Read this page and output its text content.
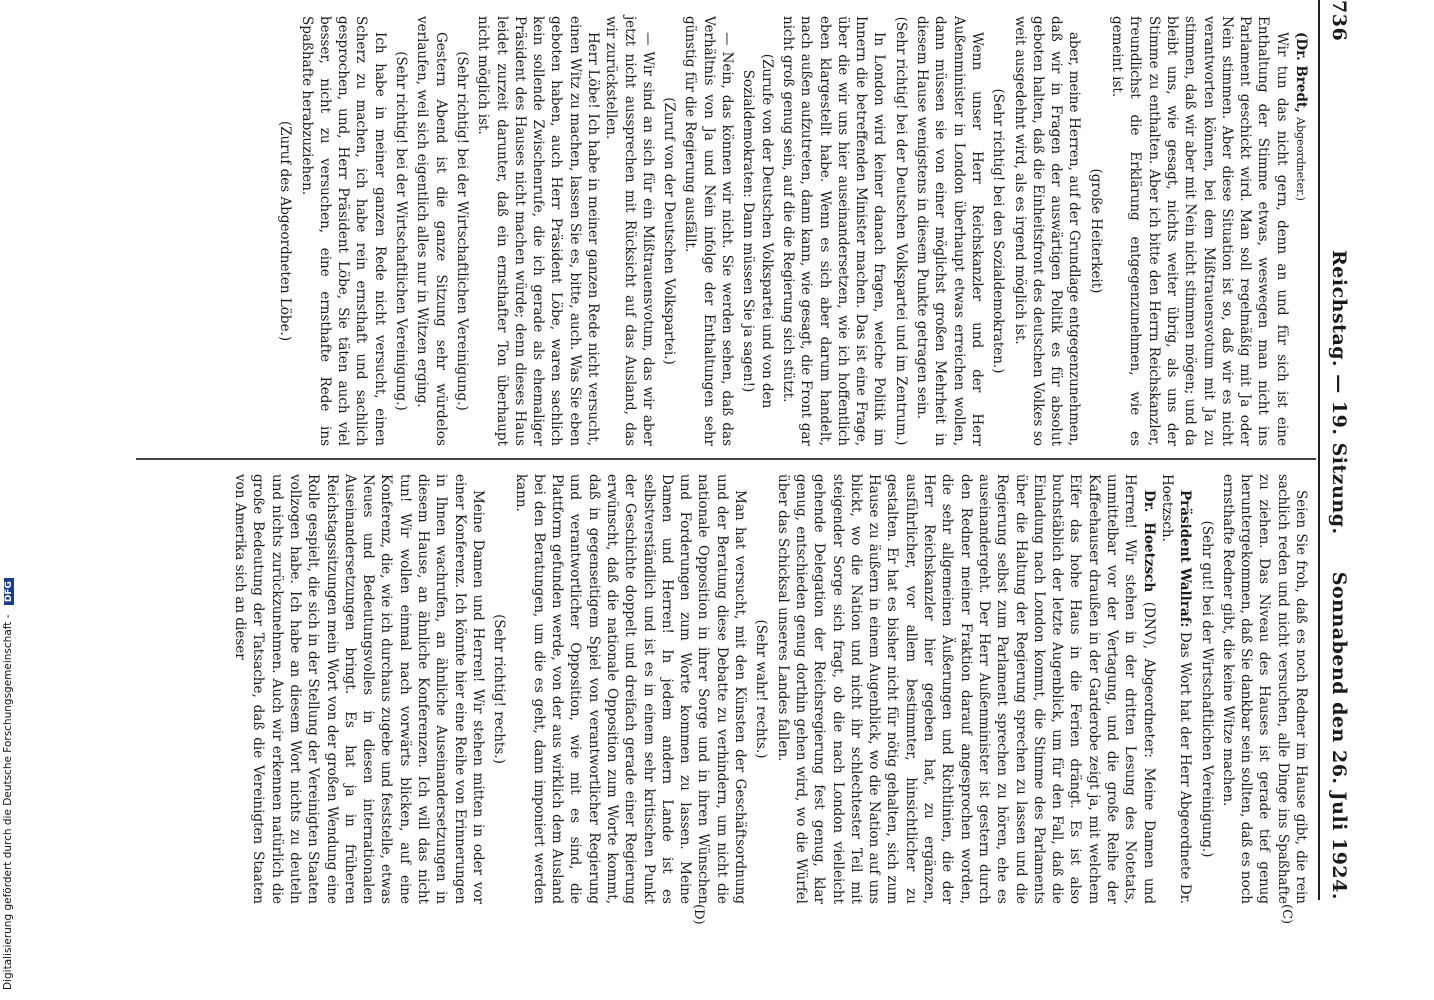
736
Reichstag. — 19. Sitzung.
Sonnabend den 26. Juli 1924.
(C)
(D)

(Dr. Bredt, Abgeordneter.)

Wir tun das nicht gern, denn an und für sich ist eine Enthaltung der Stimme etwas, weswegen man nicht ins Parlament geschickt wird. Man soll regelmäßig mit Ja oder Nein stimmen. Aber diese Situation ist so, daß wir es nicht verantworten können, bei dem Mißtrauensvotum mit Ja zu stimmen, daß wir aber mit Nein nicht stimmen mögen; und da bleibt uns, wie gesagt, nichts weiter übrig, als uns der Stimme zu enthalten. Aber ich bitte den Herrn Reichskanzler, freundlichst die Erklärung entgegenzunehmen, wie es gemeint ist.

(große Heiterkeit)

aber, meine Herren, auf der Grundlage entgegenzunehmen, daß wir in Fragen der auswärtigen Politik es für absolut geboten halten, daß die Einheitsfront des deutschen Volkes so weit ausgedehnt wird, als es irgend möglich ist.

(Sehr richtig! bei den Sozialdemokraten.)

Wenn unser Herr Reichskanzler und der Herr Außenminister in London überhaupt etwas erreichen wollen, dann müssen sie von einer möglichst großen Mehrheit in diesem Hause wenigstens in diesem Punkte getragen sein.

(Sehr richtig! bei der Deutschen Volkspartei und im Zentrum.)

In London wird keiner danach fragen, welche Politik im Innern die betreffenden Minister machen. Das ist eine Frage, über die wir uns hier auseinandersetzen, wie ich hoffentlich eben klargestellt habe. Wenn es sich aber darum handelt, nach außen aufzutreten, dann kann, wie gesagt, die Front gar nicht groß genug sein, auf die die Regierung sich stützt.

(Zurufe von der Deutschen Volkspartei und von den Sozialdemokraten: Dann müssen Sie ja sagen!)

— Nein, das können wir nicht. Sie werden sehen, daß das Verhältnis von Ja und Nein infolge der Enthaltungen sehr günstig für die Regierung ausfällt.

(Zuruf von der Deutschen Volkspartei.)

— Wir sind an sich für ein Mißtrauensvotum, das wir aber jetzt nicht aussprechen mit Rücksicht auf das Ausland, das wir zurückstellen.

Herr Löbe! Ich habe in meiner ganzen Rede nicht versucht, einen Witz zu machen, lassen Sie es, bitte, auch. Was Sie eben geboten haben, auch Herr Präsident Löbe, waren sachlich kein sollende Zwischenrufe, die ich gerade als ehemaliger Präsident des Hauses nicht machen würde; denn dieses Haus leidet zurzeit darunter, daß ein ernsthafter Ton überhaupt nicht möglich ist.

(Sehr richtig! bei der Wirtschaftlichen Vereinigung.)

Gestern Abend ist die ganze Sitzung sehr würdelos verlaufen, weil sich eigentlich alles nur in Witzen erging.

(Sehr richtig! bei der Wirtschaftlichen Vereinigung.)

Ich habe in meiner ganzen Rede nicht versucht, einen Scherz zu machen, ich habe rein ernsthaft und sachlich gesprochen, und, Herr Präsident Löbe, Sie täten auch viel besser, nicht zu versuchen, eine ernsthafte Rede ins Spaßhafte herabzuziehen.

(Zuruf des Abgeordneten Löbe.)

Seien Sie froh, daß es noch Redner im Hause gibt, die rein sachlich reden und nicht versuchen, alle Dinge ins Spaßhafte zu ziehen. Das Niveau des Hauses ist gerade tief genug heruntergekommen, daß Sie dankbar sein sollten, daß es noch ernsthafte Redner gibt, die keine Witze machen.

(Sehr gut! bei der Wirtschaftlichen Vereinigung.)

Präsident Wallraf: Das Wort hat der Herr Abgeordnete Dr. Hoetzsch.

Dr. Hoetzsch (DNV), Abgeordneter: Meine Damen und Herren! Wir stehen in der dritten Lesung des Notetats, unmittelbar vor der Vertagung, und die große Reihe der Kaffeehauser draußen in der Garderobe zeigt ja, mit welchem Eifer das hohe Haus in die Ferien drängt. Es ist also buchstäblich der letzte Augenblick, um für den Fall, daß die Einladung nach London kommt, die Stimme des Parlaments über die Haltung der Regierung sprechen zu lassen und die Regierung selbst zum Parlament sprechen zu hören, ehe es auseinandergeht. Der Herr Außenminister ist gestern durch den Redner meiner Fraktion darauf angesprochen worden, die sehr allgemeinen Äußerungen und Richtlinien, die der Herr Reichskanzler hier gegeben hat, zu ergänzen, ausführlicher, vor allem bestimmter, hinsichtlicher zu gestalten. Er hat es bisher nicht für nötig gehalten, sich zum Hause zu äußern in einem Augenblick, wo die Nation auf uns blickt, wo die Nation und nicht ihr schlechtester Teil mit steigender Sorge sich fragt, ob die nach London vielleicht gehende Delegation der Reichsregierung fest genug, klar genug, entschieden genug dorthin gehen wird, wo die Würfel über das Schicksal unseres Landes fallen.

(Sehr wahr! rechts.)

Man hat versucht, mit den Künsten der Geschäftsordnung und der Beratung diese Debatte zu verhindern, um nicht die nationale Opposition in ihrer Sorge und in ihren Wünschen und Forderungen zum Worte kommen zu lassen. Meine Damen und Herren! In jedem andern Lande ist es selbstverständlich und ist es in einem sehr kritischen Punkt der Geschichte doppelt und dreifach gerade einer Regierung erwünscht, daß die nationale Opposition zum Worte kommt, daß in gegenseitigem Spiel von verantwortlicher Regierung und verantwortlicher Opposition, wie mit es sind, die Plattform gefunden werde, von der aus wirklich dem Ausland bei den Beratungen, um die es geht, dann imponiert werden kann.

(Sehr richtig! rechts.)

Meine Damen und Herren! Wir stehen mitten in oder vor einer Konferenz. Ich könnte hier eine Reihe von Erinnerungen in Ihnen wachrufen, an ähnliche Auseinandersetzungen in diesem Hause, an ähnliche Konferenzen. Ich will das nicht tun! Wir wollen einmal nach vorwärts blicken, auf eine Konferenz, die, wie ich durchaus zugebe und feststelle, etwas Neues und Bedeutungsvolles in diesen internationalen Auseinandersetzungen bringt. Es hat ja in früheren Reichstagssitzungen mein Wort von der großen Wendung eine Rolle gespielt, die sich in der Stellung der Vereinigten Staaten vollzogen habe. Ich habe an diesem Wort nichts zu deuteln und nichts zurückzunehmen. Auch wir erkennen natürlich die große Bedeutung der Tatsache, daß die Vereinigten Staaten von Amerika sich an dieser

Digitalisierung gefördert durch die Deutsche Forschungsgemeinschaft - DFG
